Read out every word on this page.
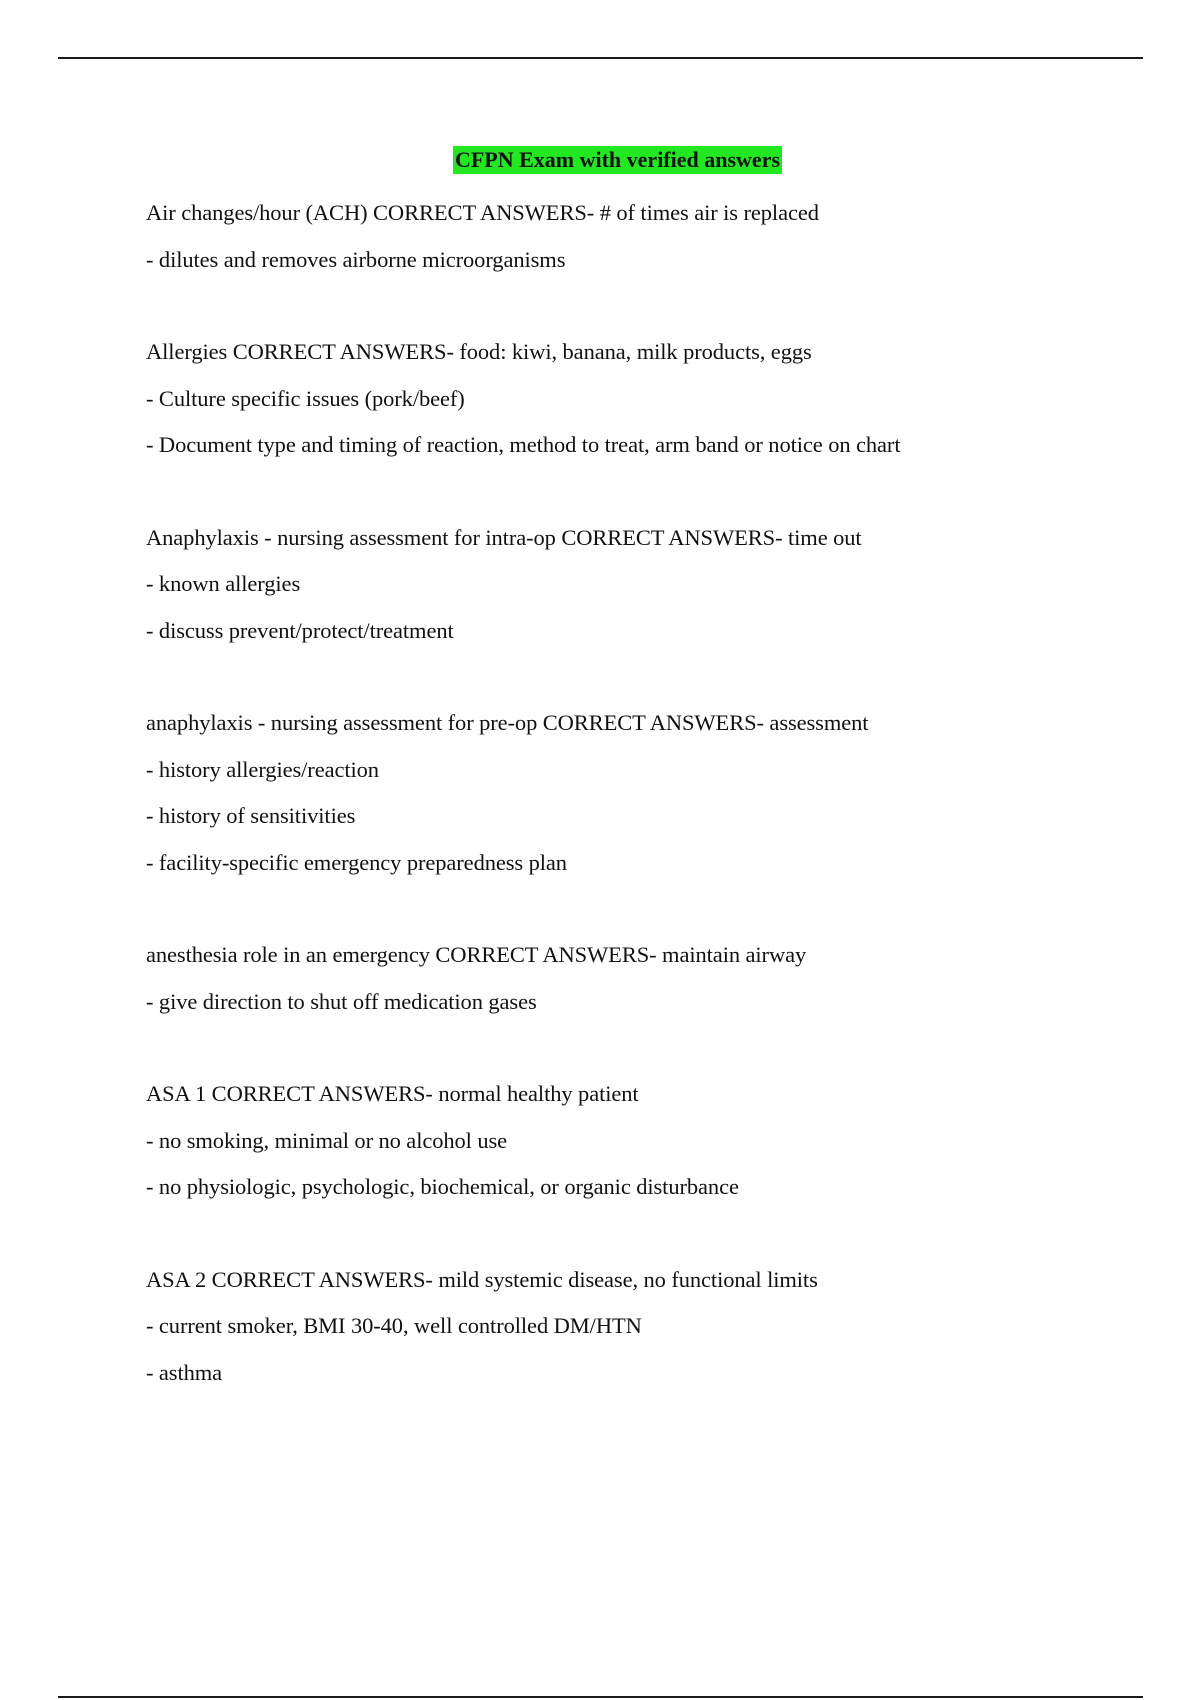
CFPN Exam with verified answers
Air changes/hour (ACH) CORRECT ANSWERS- # of times air is replaced
- dilutes and removes airborne microorganisms
Allergies CORRECT ANSWERS- food: kiwi, banana, milk products, eggs
- Culture specific issues (pork/beef)
- Document type and timing of reaction, method to treat, arm band or notice on chart
Anaphylaxis - nursing assessment for intra-op CORRECT ANSWERS- time out
- known allergies
- discuss prevent/protect/treatment
anaphylaxis - nursing assessment for pre-op CORRECT ANSWERS- assessment
- history allergies/reaction
- history of sensitivities
- facility-specific emergency preparedness plan
anesthesia role in an emergency CORRECT ANSWERS- maintain airway
- give direction to shut off medication gases
ASA 1 CORRECT ANSWERS- normal healthy patient
- no smoking, minimal or no alcohol use
- no physiologic, psychologic, biochemical, or organic disturbance
ASA 2 CORRECT ANSWERS- mild systemic disease, no functional limits
- current smoker, BMI 30-40, well controlled DM/HTN
- asthma
